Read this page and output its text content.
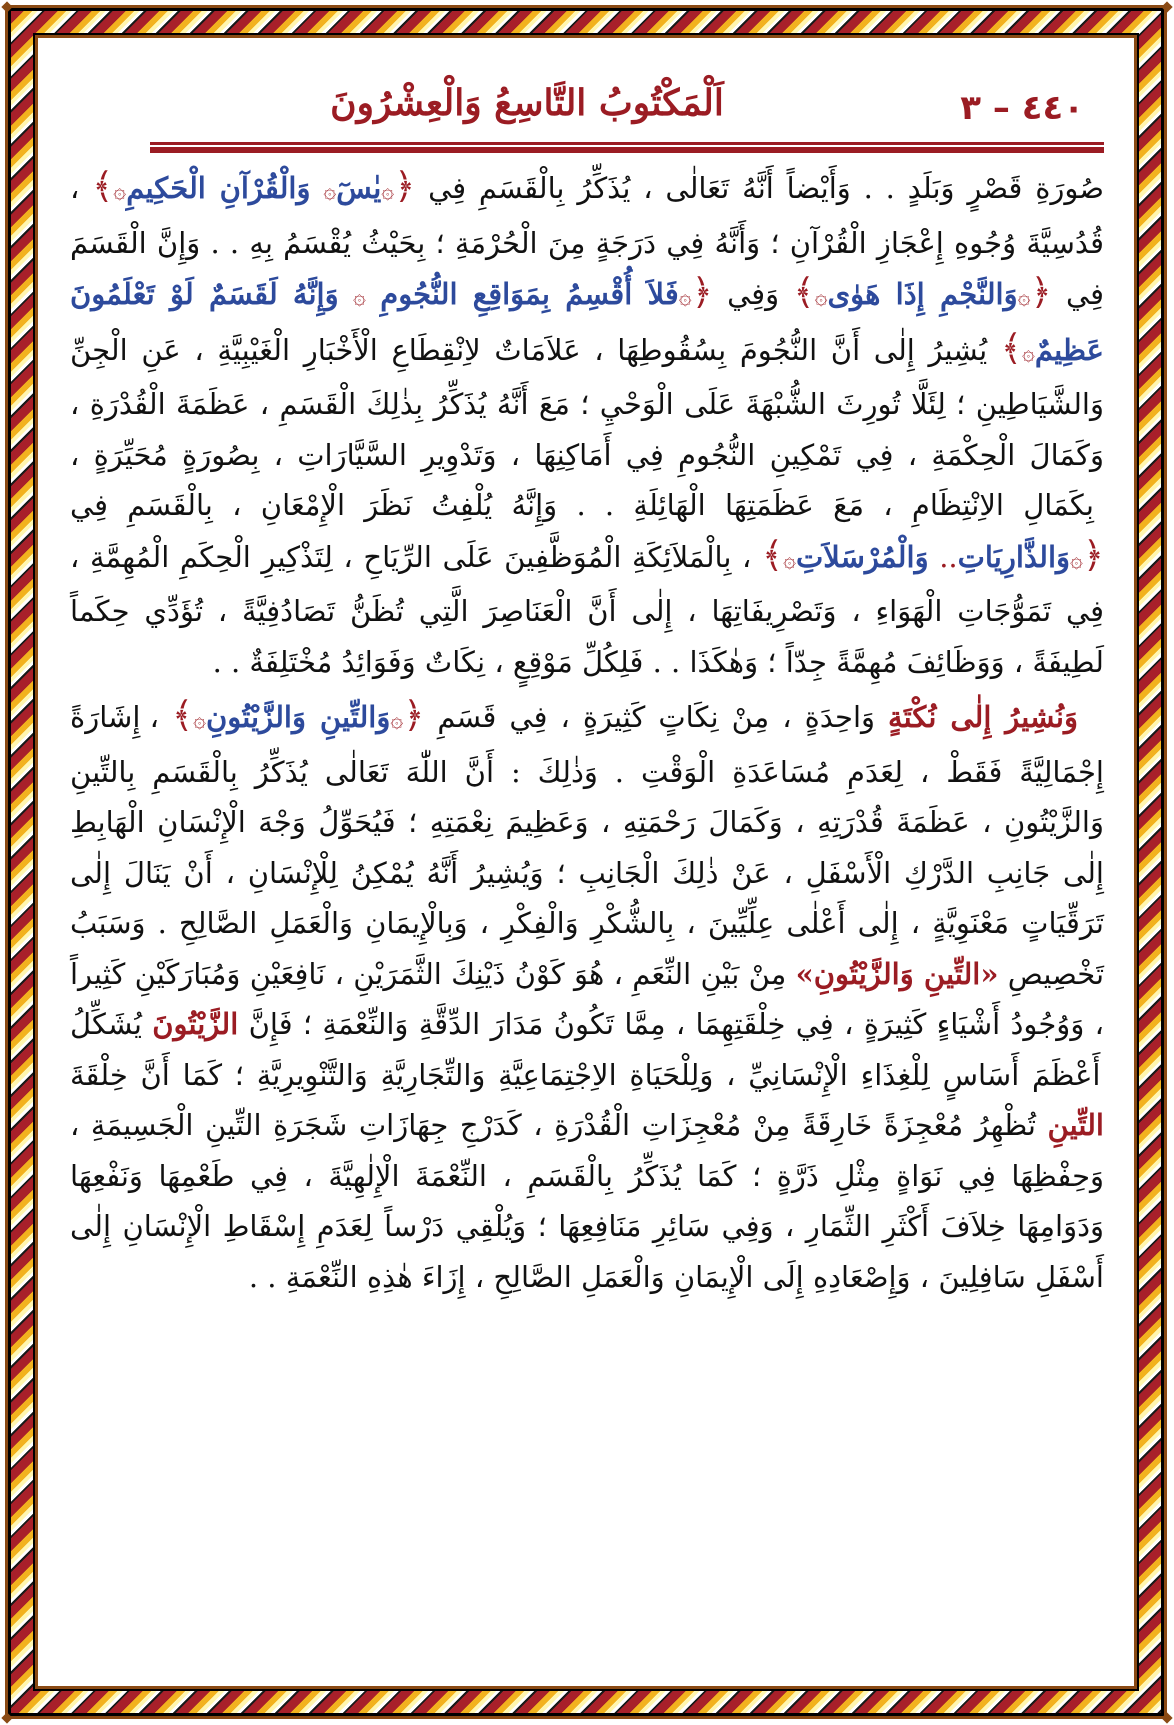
٤٤٠ – ٣
اَلْمَكْتُوبُ التَّاسِعُ وَالْعِشْرُونَ

صُورَةِ قَصْرٍ وَبَلَدٍ . . وَأَيْضاً أَنَّهُ تَعَالٰى ، يُذَكِّرُ بِالْقَسَمِ فِي ﴿۞يٰسٓ۞ وَالْقُرْآنِ الْحَكِيمِ۞﴾ ، قُدُسِيَّةَ وُجُوهِ إِعْجَازِ الْقُرْآنِ ؛ وَأَنَّهُ فِي دَرَجَةٍ مِنَ الْحُرْمَةِ ؛ بِحَيْثُ يُقْسَمُ بِهِ . . وَإِنَّ الْقَسَمَ فِي ﴿۞وَالنَّجْمِ إِذَا هَوٰى۞﴾ وَفِي ﴿۞فَلاَ أُقْسِمُ بِمَوَاقِعِ النُّجُومِ ۞ وَإِنَّهُ لَقَسَمٌ لَوْ تَعْلَمُونَ عَظِيمٌ۞﴾ يُشِيرُ إِلٰى أَنَّ النُّجُومَ بِسُقُوطِهَا ، عَلاَمَاتٌ لاِنْقِطَاعِ الْأَخْبَارِ الْغَيْبِيَّةِ ، عَنِ الْجِنِّ وَالشَّيَاطِينِ ؛ لِئَلَّا تُورِثَ الشُّبْهَةَ عَلَى الْوَحْيِ ؛ مَعَ أَنَّهُ يُذَكِّرُ بِذٰلِكَ الْقَسَمِ ، عَظَمَةَ الْقُدْرَةِ ، وَكَمَالَ الْحِكْمَةِ ، فِي تَمْكِينِ النُّجُومِ فِي أَمَاكِنِهَا ، وَتَدْوِيرِ السَّيَّارَاتِ ، بِصُورَةٍ مُحَيِّرَةٍ ، بِكَمَالِ الاِنْتِظَامِ ، مَعَ عَظَمَتِهَا الْهَائِلَةِ . . وَإِنَّهُ يُلْفِتُ نَظَرَ الْإِمْعَانِ ، بِالْقَسَمِ فِي ﴿۞وَالذَّارِيَاتِ.. وَالْمُرْسَلاَتِ۞﴾ ، بِالْمَلاَئِكَةِ الْمُوَظَّفِينَ عَلَى الرِّيَاحِ ، لِتَذْكِيرِ الْحِكَمِ الْمُهِمَّةِ ، فِي تَمَوُّجَاتِ الْهَوَاءِ ، وَتَصْرِيفَاتِهَا ، إِلٰى أَنَّ الْعَنَاصِرَ الَّتِي تُظَنُّ تَصَادُفِيَّةً ، تُؤَدِّي حِكَماً لَطِيفَةً ، وَوَظَائِفَ مُهِمَّةً جِدّاً ؛ وَهٰكَذَا . . فَلِكُلِّ مَوْقِعٍ ، نِكَاتٌ وَفَوَائِدُ مُخْتَلِفَةٌ . .

وَنُشِيرُ إِلٰى نُكْتَةٍ وَاحِدَةٍ ، مِنْ نِكَاتٍ كَثِيرَةٍ ، فِي قَسَمِ ﴿۞وَالتِّينِ وَالزَّيْتُونِ۞﴾ ، إِشَارَةً إِجْمَالِيَّةً فَقَطْ ، لِعَدَمِ مُسَاعَدَةِ الْوَقْتِ . وَذٰلِكَ : أَنَّ اللّٰهَ تَعَالٰى يُذَكِّرُ بِالْقَسَمِ بِالتِّينِ وَالزَّيْتُونِ ، عَظَمَةَ قُدْرَتِهِ ، وَكَمَالَ رَحْمَتِهِ ، وَعَظِيمَ نِعْمَتِهِ ؛ فَيُحَوِّلُ وَجْهَ الْإِنْسَانِ الْهَابِطِ إِلٰى جَانِبِ الدَّرْكِ الْأَسْفَلِ ، عَنْ ذٰلِكَ الْجَانِبِ ؛ وَيُشِيرُ أَنَّهُ يُمْكِنُ لِلْإِنْسَانِ ، أَنْ يَنَالَ إِلٰى تَرَقِّيَاتٍ مَعْنَوِيَّةٍ ، إِلٰى أَعْلٰى عِلِّيِّينَ ، بِالشُّكْرِ وَالْفِكْرِ ، وَبِالْإِيمَانِ وَالْعَمَلِ الصَّالِحِ . وَسَبَبُ تَخْصِيصِ «التِّينِ وَالزَّيْتُونِ» مِنْ بَيْنِ النِّعَمِ ، هُوَ كَوْنُ ذَيْنِكَ الثَّمَرَيْنِ ، نَافِعَيْنِ وَمُبَارَكَيْنِ كَثِيراً ، وَوُجُودُ أَشْيَاءٍ كَثِيرَةٍ ، فِي خِلْقَتِهِمَا ، مِمَّا تَكُونُ مَدَارَ الدِّقَّةِ وَالنِّعْمَةِ ؛ فَإِنَّ الزَّيْتُونَ يُشَكِّلُ أَعْظَمَ أَسَاسٍ لِلْغِذَاءِ الْإِنْسَانِيِّ ، وَلِلْحَيَاةِ الاِجْتِمَاعِيَّةِ وَالتِّجَارِيَّةِ وَالتَّنْوِيرِيَّةِ ؛ كَمَا أَنَّ خِلْقَةَ التِّينِ تُظْهِرُ مُعْجِزَةً خَارِقَةً مِنْ مُعْجِزَاتِ الْقُدْرَةِ ، كَدَرْجِ جِهَازَاتِ شَجَرَةِ التِّينِ الْجَسِيمَةِ ، وَحِفْظِهَا فِي نَوَاةٍ مِثْلِ ذَرَّةٍ ؛ كَمَا يُذَكِّرُ بِالْقَسَمِ ، النِّعْمَةَ الْإِلٰهِيَّةَ ، فِي طَعْمِهَا وَنَفْعِهَا وَدَوَامِهَا خِلاَفَ أَكْثَرِ الثِّمَارِ ، وَفِي سَائِرِ مَنَافِعِهَا ؛ وَيُلْقِي دَرْساً لِعَدَمِ إِسْقَاطِ الْإِنْسَانِ إِلٰى أَسْفَلِ سَافِلِينَ ، وَإِصْعَادِهِ إِلَى الْإِيمَانِ وَالْعَمَلِ الصَّالِحِ ، إِزَاءَ هٰذِهِ النِّعْمَةِ . .
